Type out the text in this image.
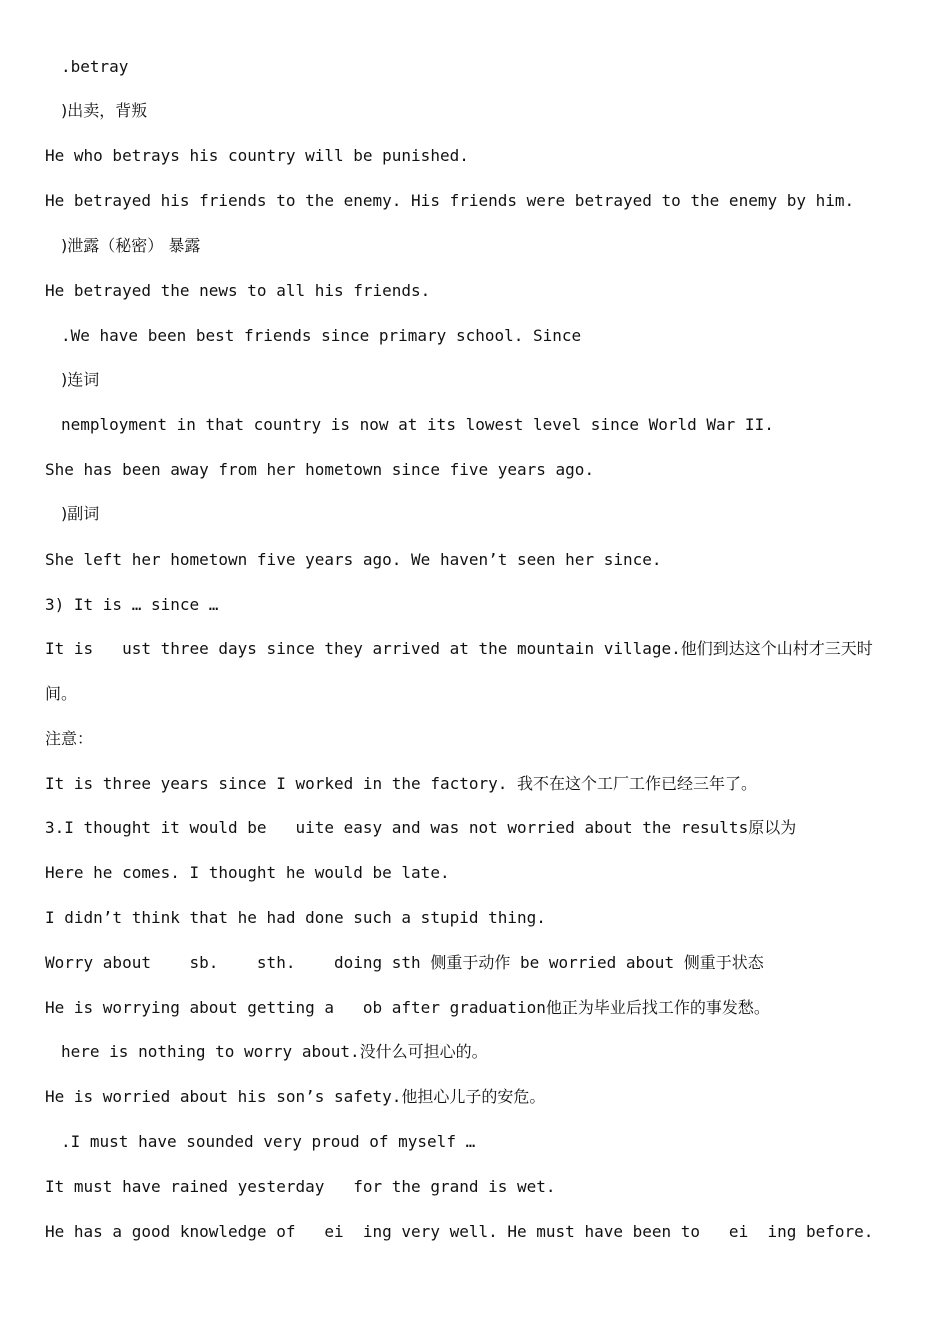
.betray
)出卖，背叛
He who betrays his country will be punished.
He betrayed his friends to the enemy. His friends were betrayed to the enemy by him.
)泄露（秘密） 暴露
He betrayed the news to all his friends.
.We have been best friends since primary school. Since
)连词
nemployment in that country is now at its lowest level since World War II.
She has been away from her hometown since five years ago.
)副词
She left her hometown five years ago. We haven’t seen her since.
3) It is … since …
It is   ust three days since they arrived at the mountain village.他们到达这个山村才三天时
间。
注意：
It is three years since I worked in the factory. 我不在这个工厂工作已经三年了。
3.I thought it would be   uite easy and was not worried about the results原以为
Here he comes. I thought he would be late.
I didn’t think that he had done such a stupid thing.
Worry about    sb.    sth.    doing sth 侧重于动作 be worried about 侧重于状态
He is worrying about getting a   ob after graduation他正为毕业后找工作的事发愁。
here is nothing to worry about.没什么可担心的。
He is worried about his son’s safety.他担心儿子的安危。
.I must have sounded very proud of myself …
It must have rained yesterday   for the grand is wet.
He has a good knowledge of   ei  ing very well. He must have been to   ei  ing before.
